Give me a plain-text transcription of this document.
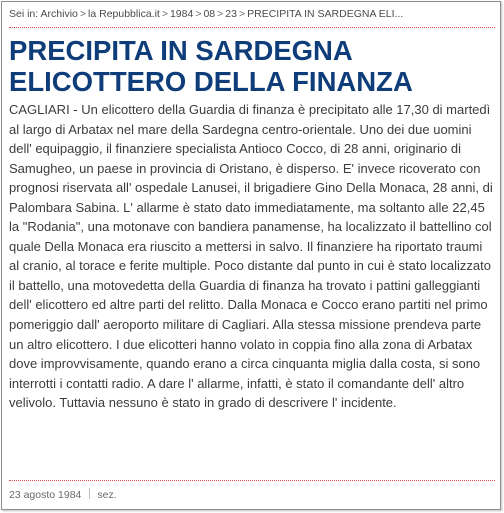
Sei in: Archivio > la Repubblica.it > 1984 > 08 > 23 > PRECIPITA IN SARDEGNA ELI...
PRECIPITA IN SARDEGNA ELICOTTERO DELLA FINANZA

CAGLIARI - Un elicottero della Guardia di finanza è precipitato alle 17,30 di martedì al largo di Arbatax nel mare della Sardegna centro-orientale. Uno dei due uomini dell' equipaggio, il finanziere specialista Antioco Cocco, di 28 anni, originario di Samugheo, un paese in provincia di Oristano, è disperso. E' invece ricoverato con prognosi riservata all' ospedale Lanusei, il brigadiere Gino Della Monaca, 28 anni, di Palombara Sabina. L' allarme è stato dato immediatamente, ma soltanto alle 22,45 la "Rodania", una motonave con bandiera panamense, ha localizzato il battellino col quale Della Monaca era riuscito a mettersi in salvo. Il finanziere ha riportato traumi al cranio, al torace e ferite multiple. Poco distante dal punto in cui è stato localizzato il battello, una motovedetta della Guardia di finanza ha trovato i pattini galleggianti dell' elicottero ed altre parti del relitto. Dalla Monaca e Cocco erano partiti nel primo pomeriggio dall' aeroporto militare di Cagliari. Alla stessa missione prendeva parte un altro elicottero. I due elicotteri hanno volato in coppia fino alla zona di Arbatax dove improvvisamente, quando erano a circa cinquanta miglia dalla costa, si sono interrotti i contatti radio. A dare l' allarme, infatti, è stato il comandante dell' altro velivolo. Tuttavia nessuno è stato in grado di descrivere l' incidente.

23 agosto 1984 sez.
